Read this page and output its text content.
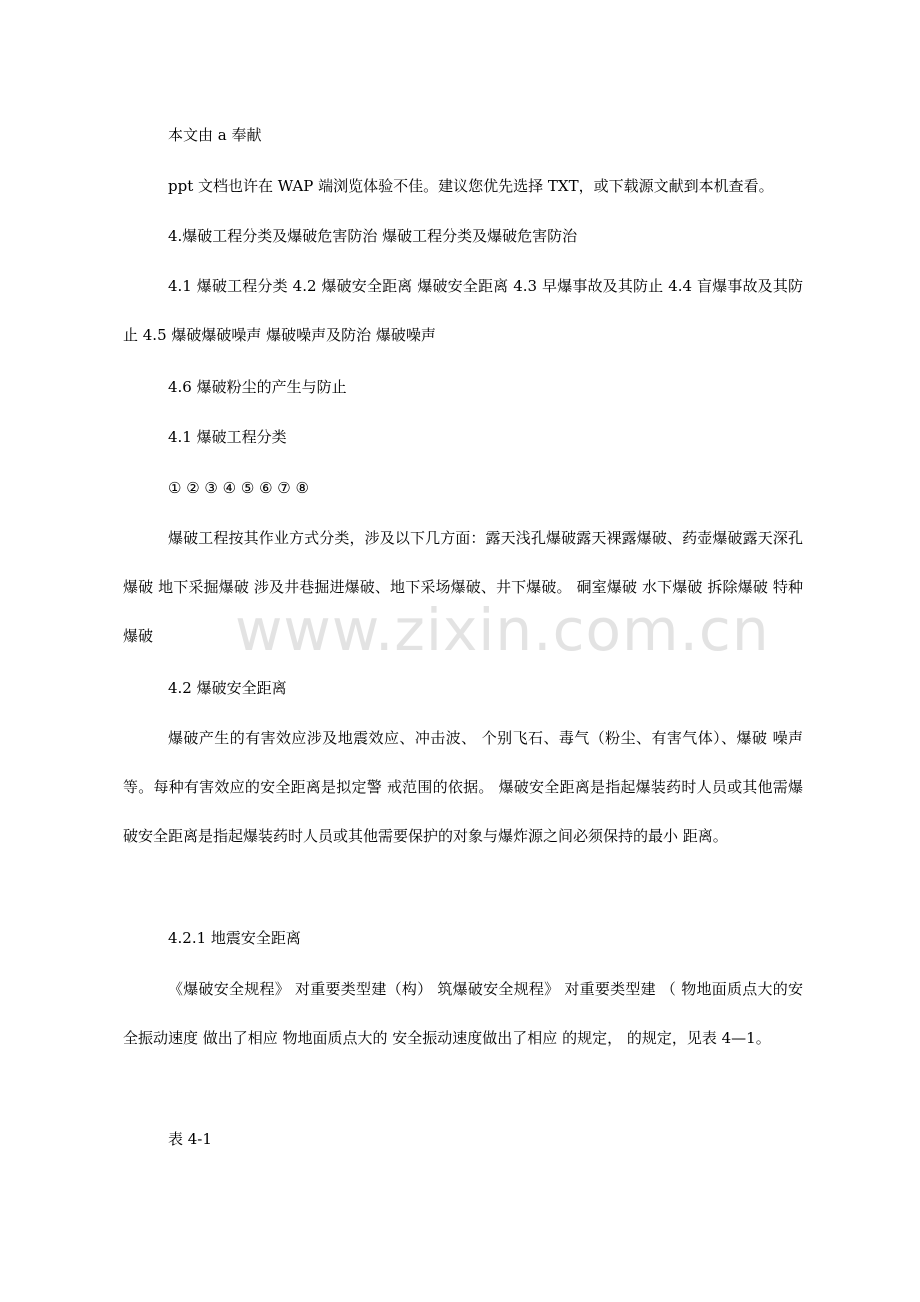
www.zixin.com.cn

本文由 a 奉献

ppt 文档也许在 WAP 端浏览体验不佳。建议您优先选择 TXT，或下载源文献到本机查看。

4.爆破工程分类及爆破危害防治 爆破工程分类及爆破危害防治

4.1 爆破工程分类 4.2 爆破安全距离 爆破安全距离 4.3 早爆事故及其防止 4.4 盲爆事故及其防止 4.5 爆破爆破噪声 爆破噪声及防治 爆破噪声

4.6 爆破粉尘的产生与防止

4.1 爆破工程分类

① ② ③ ④ ⑤ ⑥ ⑦ ⑧

爆破工程按其作业方式分类，涉及以下几方面：露天浅孔爆破露天裸露爆破、药壶爆破露天深孔爆破 地下采掘爆破 涉及井巷掘进爆破、地下采场爆破、井下爆破。 硐室爆破 水下爆破 拆除爆破 特种爆破

4.2 爆破安全距离

爆破产生的有害效应涉及地震效应、冲击波、 个别飞石、毒气（粉尘、有害气体）、爆破 噪声等。每种有害效应的安全距离是拟定警 戒范围的依据。 爆破安全距离是指起爆装药时人员或其他需爆破安全距离是指起爆装药时人员或其他需要保护的对象与爆炸源之间必须保持的最小 距离。

4.2.1 地震安全距离

《爆破安全规程》 对重要类型建（构） 筑爆破安全规程》 对重要类型建 （ 物地面质点大的安全振动速度 做出了相应 物地面质点大的 安全振动速度做出了相应 的规定， 的规定，见表 4—1。

表 4-1
